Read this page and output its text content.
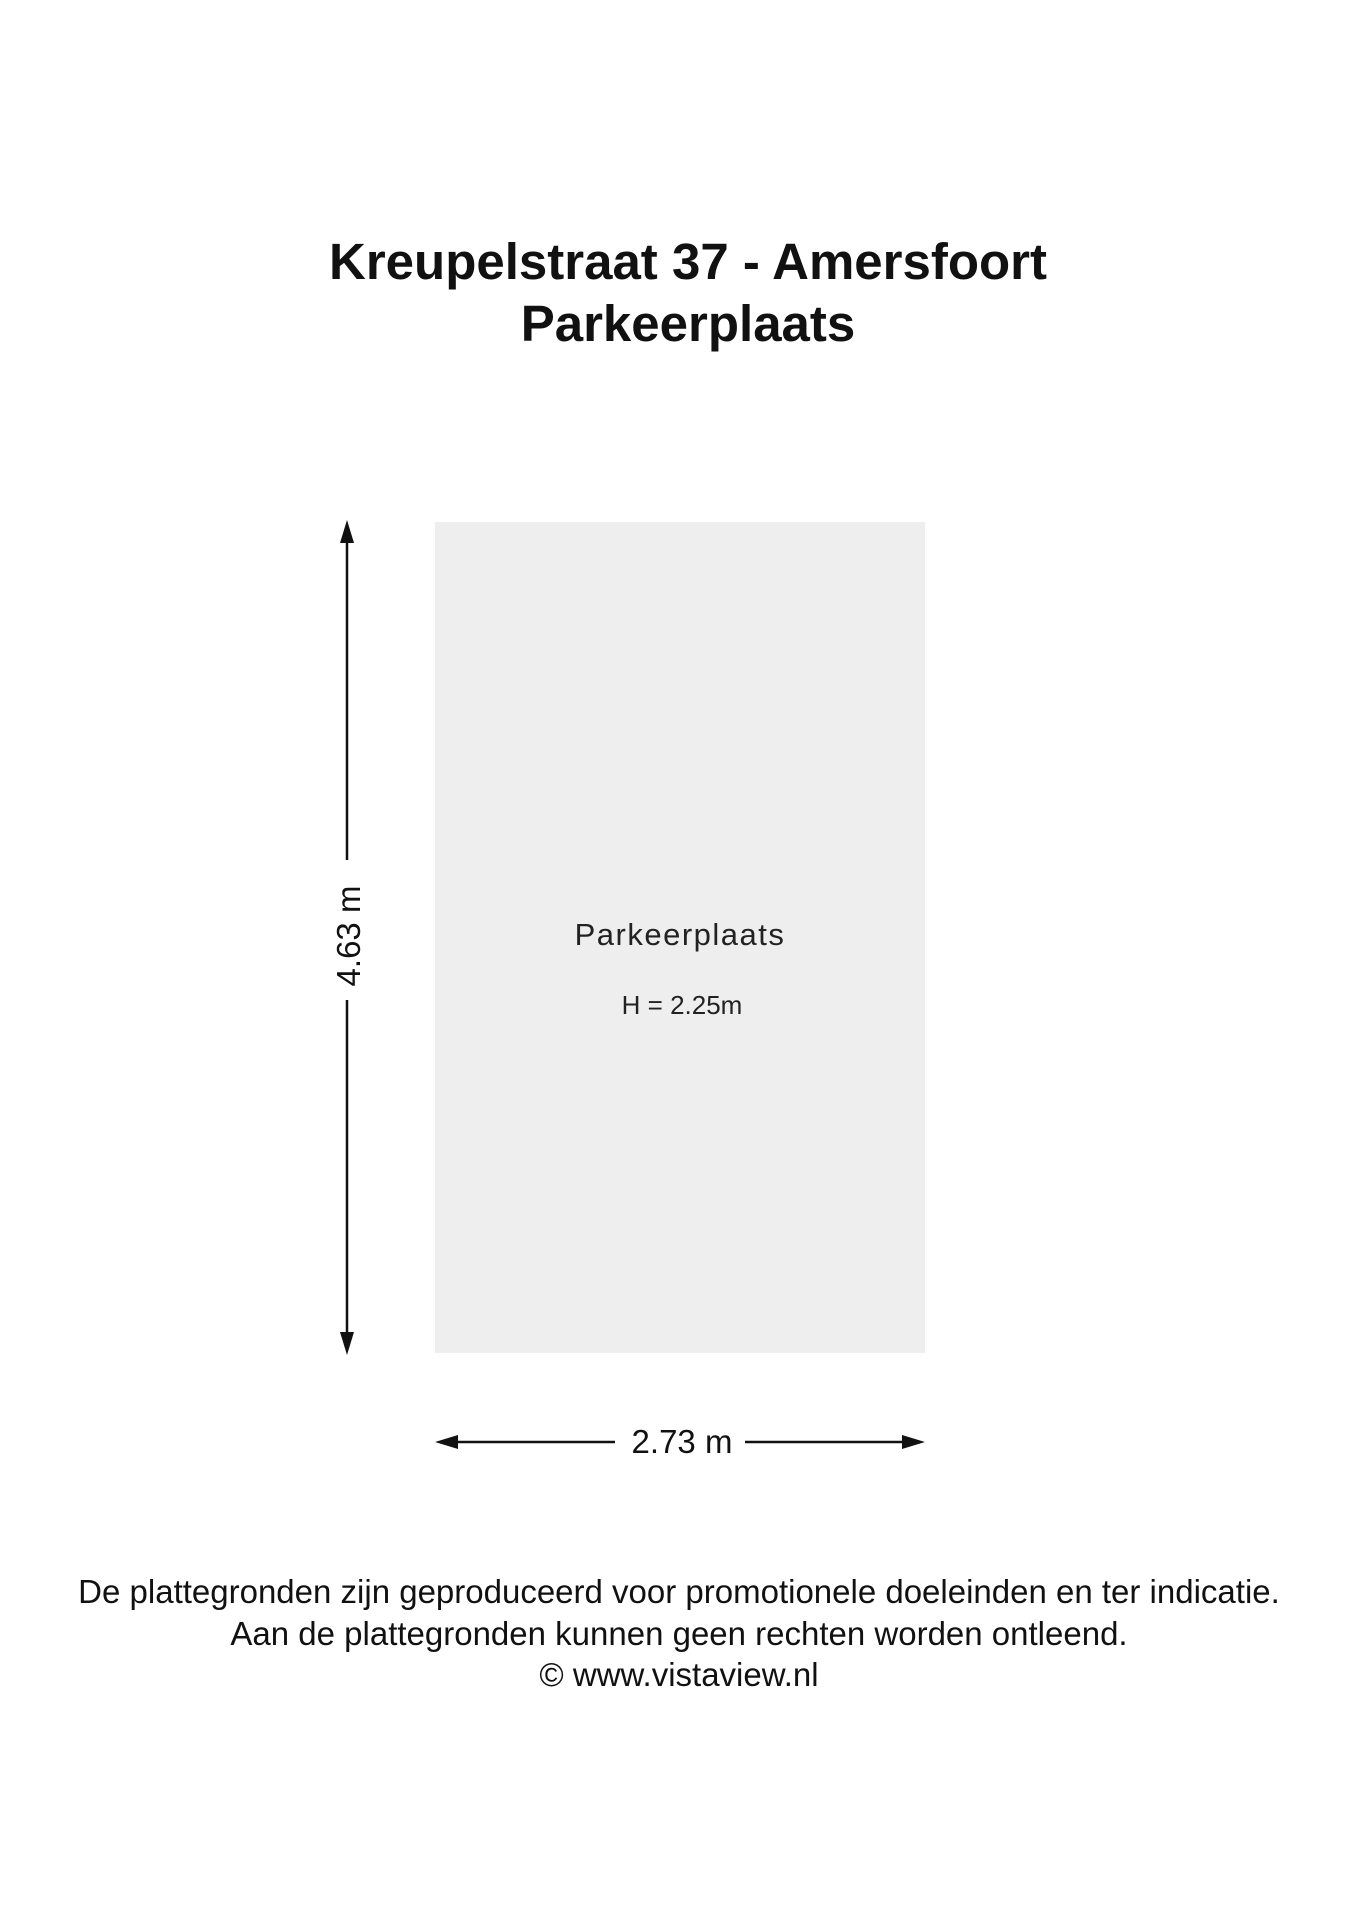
Kreupelstraat 37 - Amersfoort
Parkeerplaats
Parkeerplaats
H = 2.25m
2.73 m
4.63 m
De plattegronden zijn geproduceerd voor promotionele doeleinden en ter indicatie.
Aan de plattegronden kunnen geen rechten worden ontleend.
© www.vistaview.nl
